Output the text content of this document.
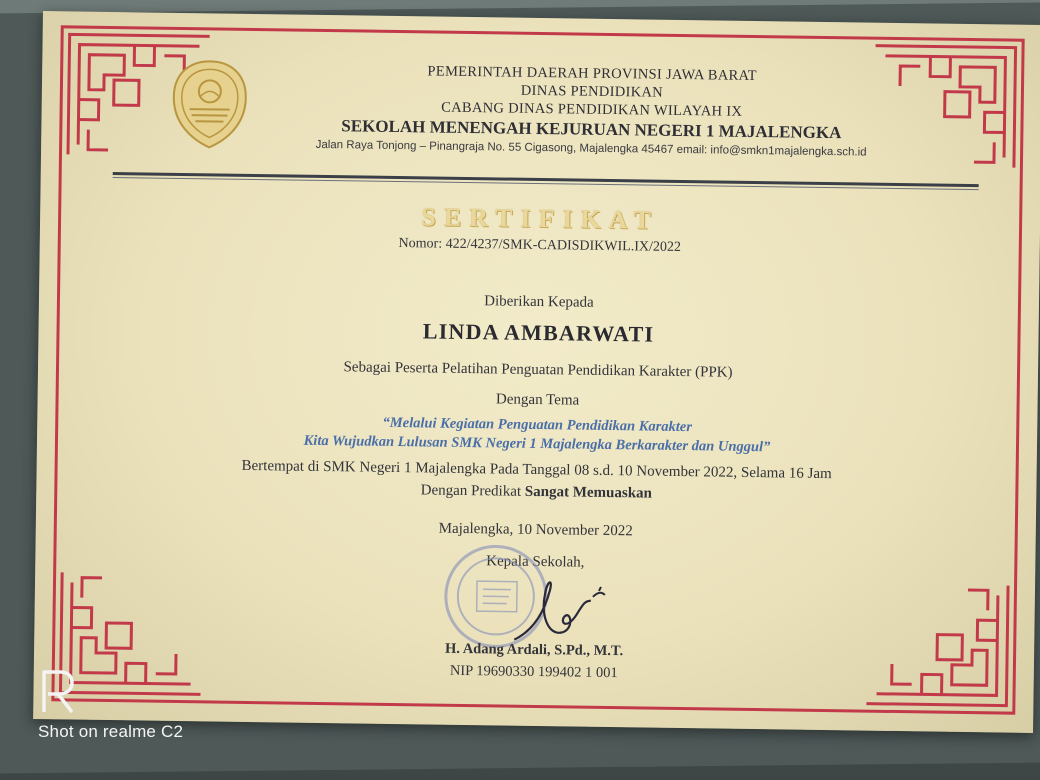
PEMERINTAH DAERAH PROVINSI JAWA BARAT
DINAS PENDIDIKAN
CABANG DINAS PENDIDIKAN WILAYAH IX
SEKOLAH MENENGAH KEJURUAN NEGERI 1 MAJALENGKA
Jalan Raya Tonjong – Pinangraja No. 55 Cigasong, Majalengka 45467 email: info@smkn1majalengka.sch.id
SERTIFIKAT
Nomor: 422/4237/SMK-CADISDIKWIL.IX/2022
Diberikan Kepada
LINDA AMBARWATI
Sebagai Peserta Pelatihan Penguatan Pendidikan Karakter (PPK)
Dengan Tema
“Melalui Kegiatan Penguatan Pendidikan Karakter
Kita Wujudkan Lulusan SMK Negeri 1 Majalengka Berkarakter dan Unggul”
Bertempat di SMK Negeri 1 Majalengka Pada Tanggal 08 s.d. 10 November 2022, Selama 16 Jam
Dengan Predikat Sangat Memuaskan
Majalengka, 10 November 2022
Kepala Sekolah,
H. Adang Ardali, S.Pd., M.T.
NIP 19690330 199402 1 001
Shot on realme C2
